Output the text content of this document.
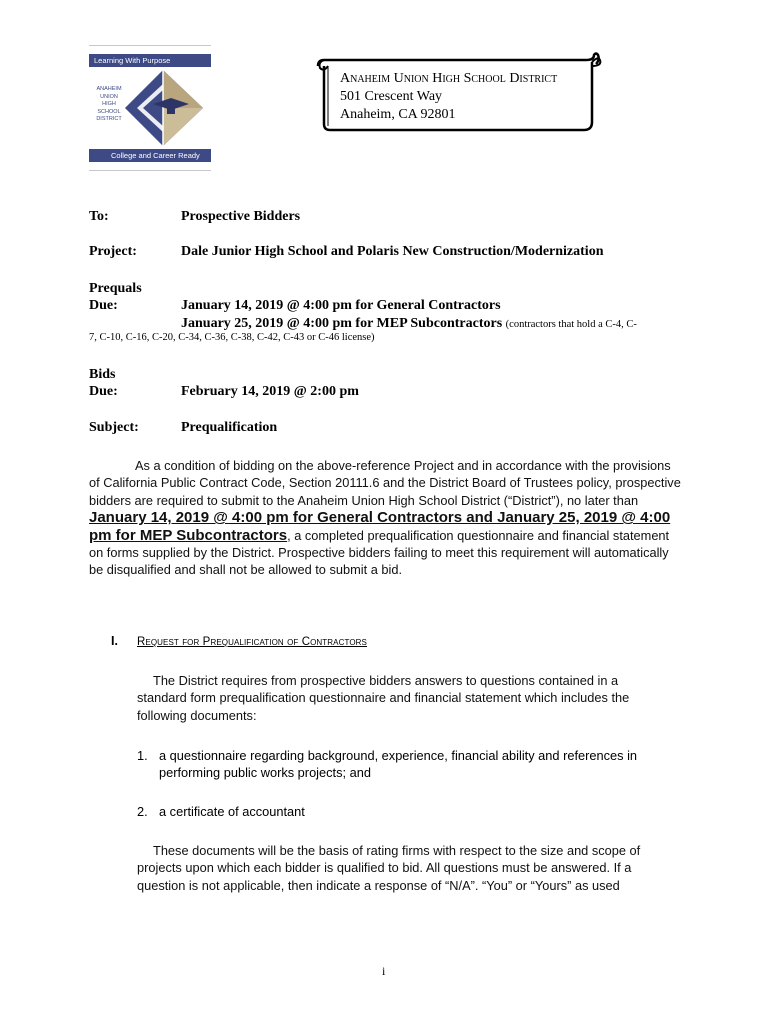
Learning With Purpose
ANAHEIM
UNION
HIGH
SCHOOL
DISTRICT
College and Career Ready
Anaheim Union High School District
501 Crescent Way
Anaheim, CA 92801
To:	Prospective Bidders
Project:	Dale Junior High School and Polaris New Construction/Modernization
Prequals
Due:	January 14, 2019 @ 4:00 pm for General Contractors
January 25, 2019 @ 4:00 pm for MEP Subcontractors (contractors that hold a C-4, C-
7, C-10, C-16, C-20, C-34, C-36, C-38, C-42, C-43 or C-46 license)
Bids
Due:	February 14, 2019 @ 2:00 pm
Subject:	Prequalification
As a condition of bidding on the above-reference Project and in accordance with the provisions of California Public Contract Code, Section 20111.6 and the District Board of Trustees policy, prospective bidders are required to submit to the Anaheim Union High School District (“District”), no later than January 14, 2019 @ 4:00 pm for General Contractors and January 25, 2019 @ 4:00 pm for MEP Subcontractors, a completed prequalification questionnaire and financial statement on forms supplied by the District. Prospective bidders failing to meet this requirement will automatically be disqualified and shall not be allowed to submit a bid.
I. Request for Prequalification of Contractors
The District requires from prospective bidders answers to questions contained in a standard form prequalification questionnaire and financial statement which includes the following documents:
1. a questionnaire regarding background, experience, financial ability and references in performing public works projects; and
2. a certificate of accountant
These documents will be the basis of rating firms with respect to the size and scope of projects upon which each bidder is qualified to bid. All questions must be answered. If a question is not applicable, then indicate a response of “N/A”. “You” or “Yours” as used
i
